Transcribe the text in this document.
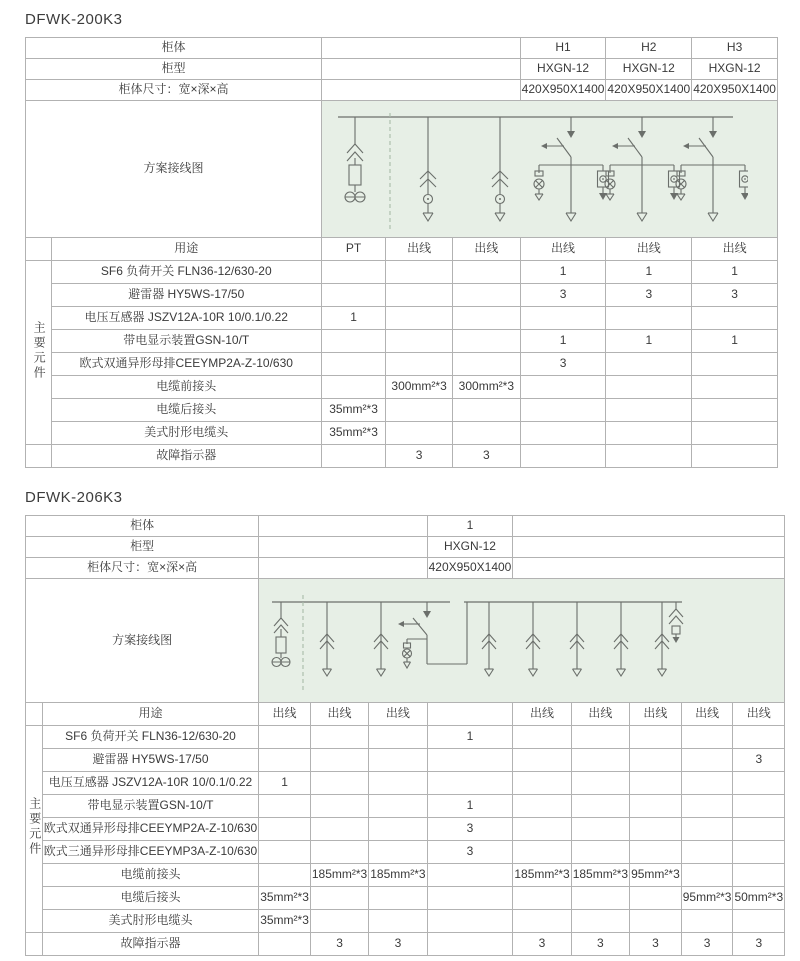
DFWK-200K3
柜体					H1	H2	H3
柜型					HXGN-12	HXGN-12	HXGN-12
柜体尺寸：宽×深×高					420X950X1400	420X950X1400	420X950X1400
方案接线图	

	用途	PT	出线	出线	出线	出线	出线
主要元件	SF6 负荷开关 FLN36-12/630-20				1	1	1
	避雷器 HY5WS-17/50				3	3	3
	电压互感器 JSZV12A-10R 10/0.1/0.22	1					
	带电显示装置GSN-10/T				1	1	1
	欧式双通异形母排CEEYMP2A-Z-10/630				3		
	电缆前接头		300mm²*3	300mm²*3			
	电缆后接头	35mm²*3					
	美式肘形电缆头	35mm²*3					
	故障指示器		3	3			
DFWK-206K3
柜体					1					
柜型					HXGN-12					
柜体尺寸：宽×深×高					420X950X1400					
方案接线图	

	用途	出线	出线	出线		出线	出线	出线	出线	出线
主要元件	SF6 负荷开关 FLN36-12/630-20				1					
	避雷器 HY5WS-17/50									3
	电压互感器 JSZV12A-10R 10/0.1/0.22	1								
	带电显示装置GSN-10/T				1					
	欧式双通异形母排CEEYMP2A-Z-10/630				3					
	欧式三通异形母排CEEYMP3A-Z-10/630				3					
	电缆前接头		185mm²*3	185mm²*3		185mm²*3	185mm²*3	95mm²*3		
	电缆后接头	35mm²*3							95mm²*3	50mm²*3
	美式肘形电缆头	35mm²*3								
	故障指示器		3	3		3	3	3	3	3
